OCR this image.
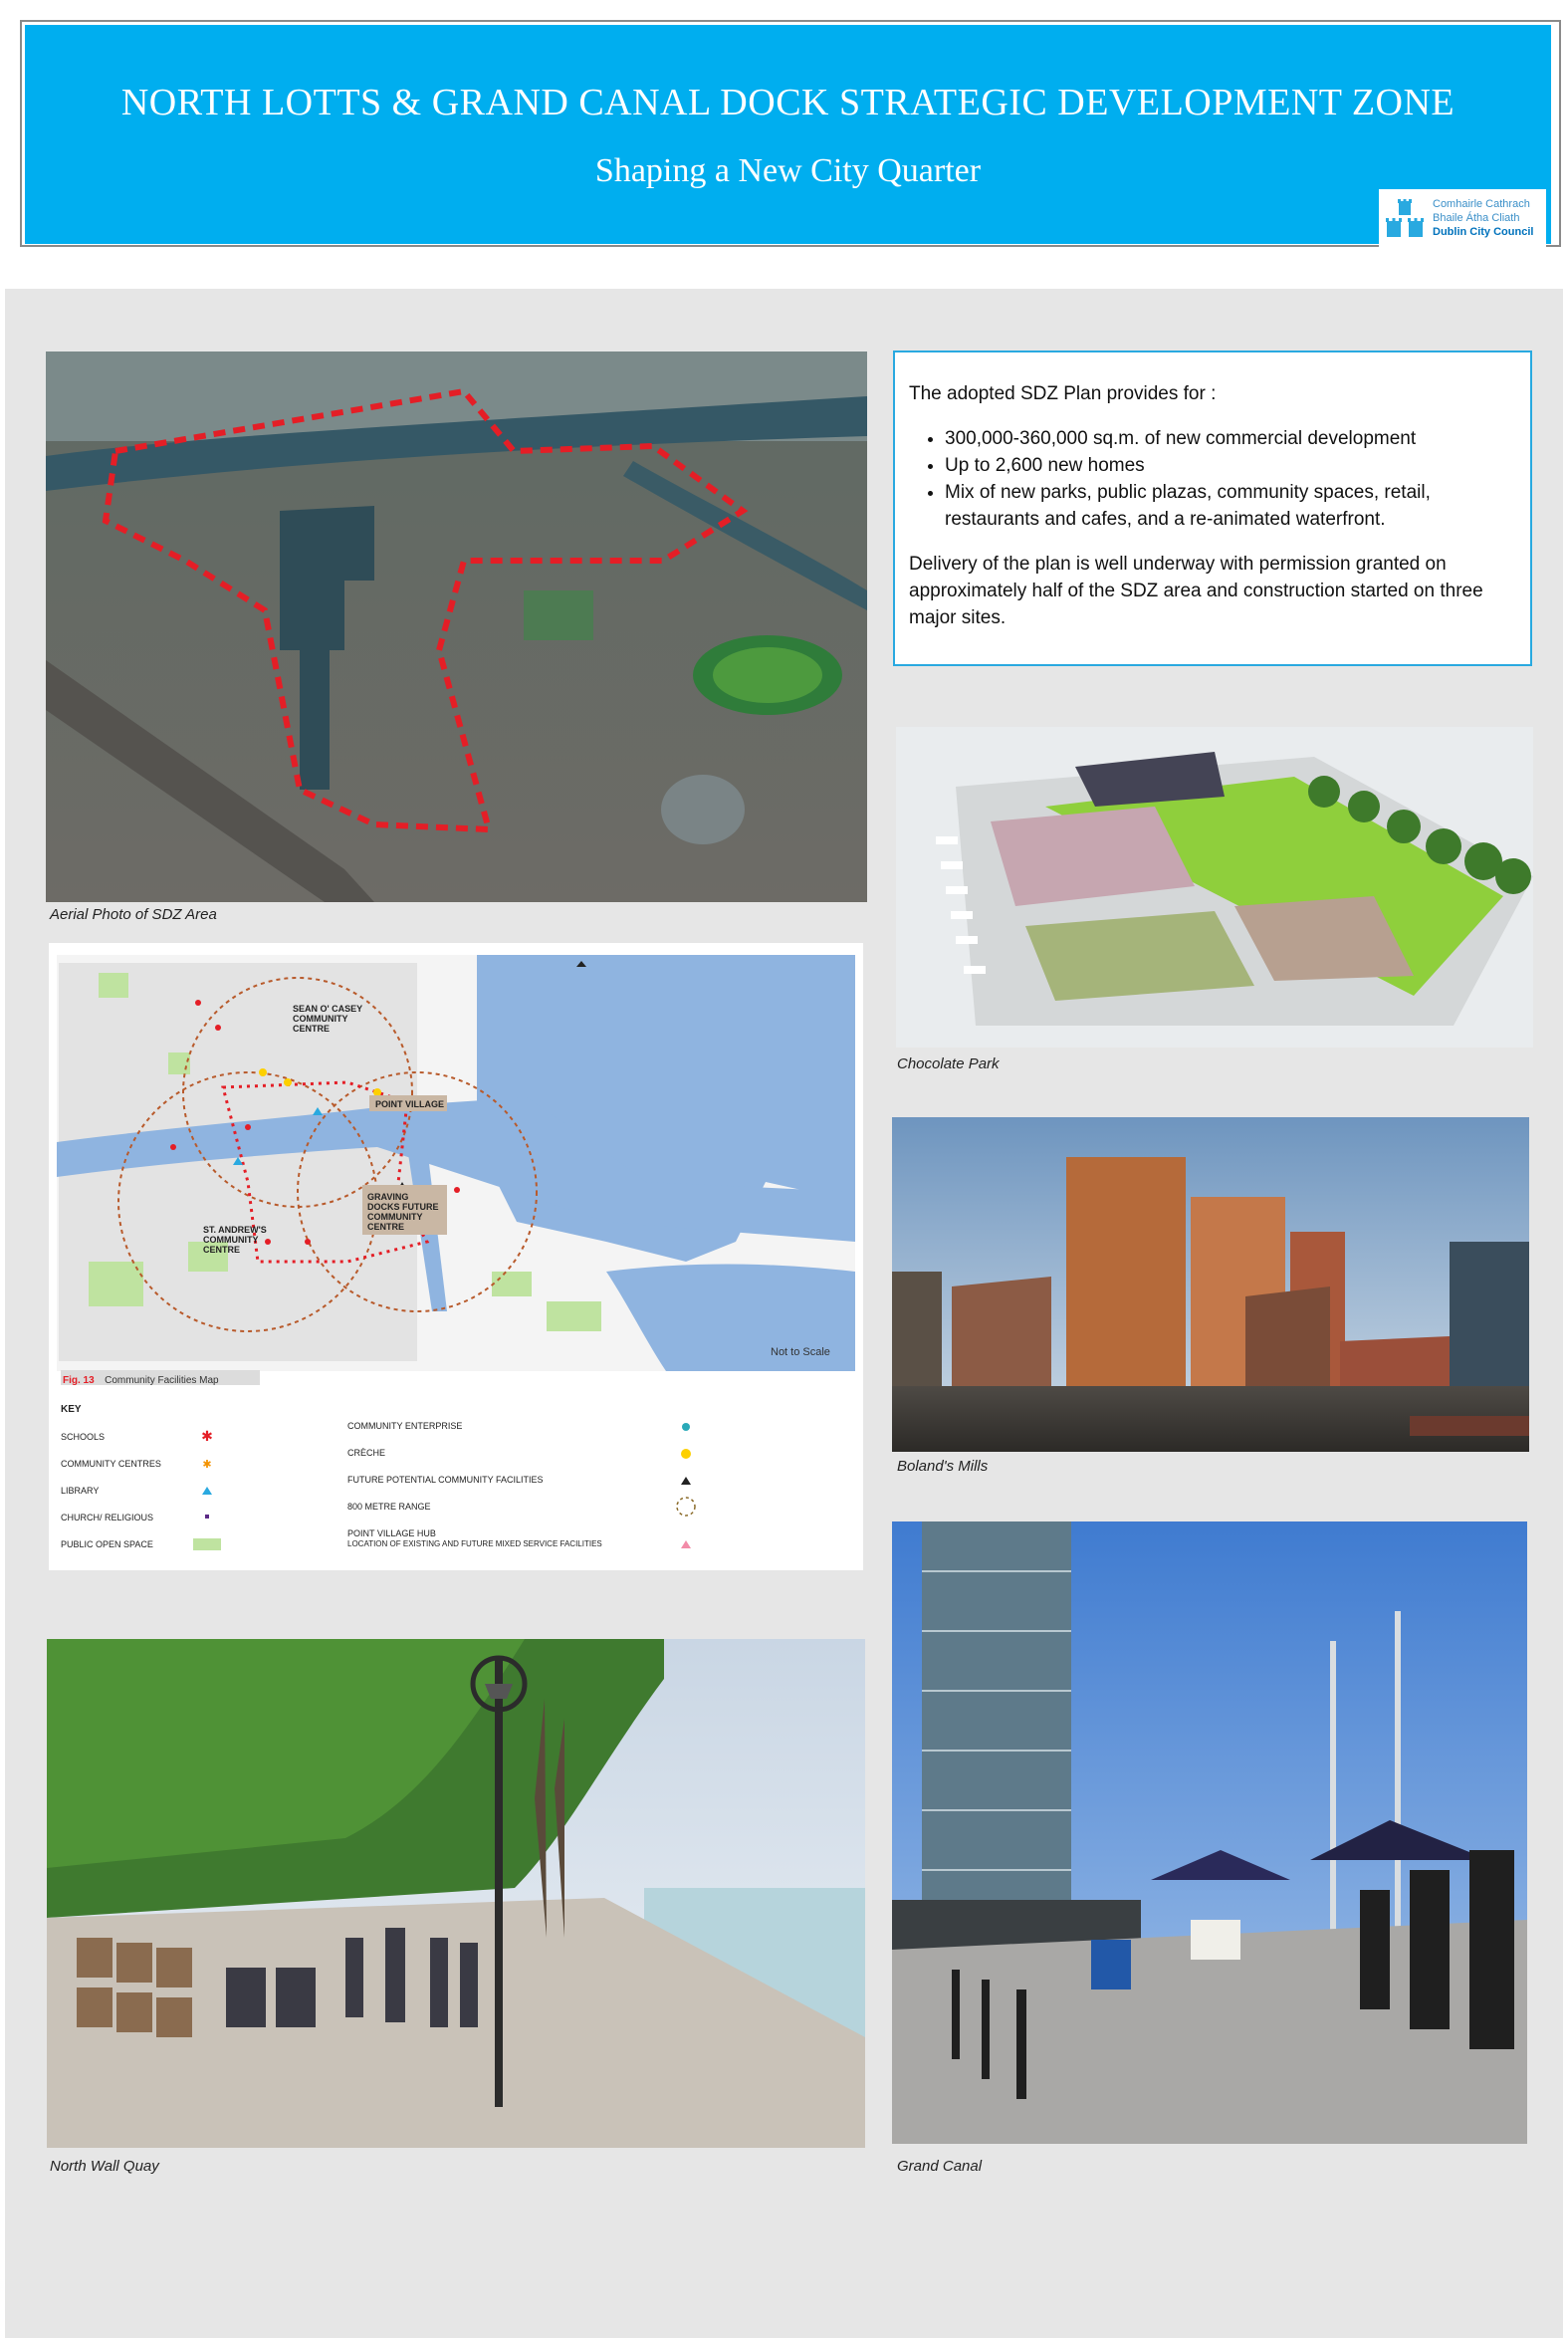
NORTH LOTTS & GRAND CANAL DOCK STRATEGIC DEVELOPMENT ZONE
Shaping a New City Quarter
Comhairle Cathrach
Bhaile Átha Cliath
Dublin City Council
Aerial Photo of SDZ Area
The adopted SDZ Plan provides for :
• 300,000-360,000 sq.m. of new commercial development
• Up to 2,600 new homes
• Mix of new parks, public plazas, community spaces, retail, restaurants and cafes, and a re-animated waterfront.
Delivery of the plan is well underway with permission granted on approximately half of the SDZ area and construction started on three major sites.
Chocolate Park
SEAN O' CASEY COMMUNITY CENTRE
POINT VILLAGE
GRAVING DOCKS FUTURE COMMUNITY CENTRE
ST. ANDREW'S COMMUNITY CENTRE
Not to Scale
Fig. 13 Community Facilities Map
KEY
SCHOOLS
COMMUNITY CENTRES
LIBRARY
CHURCH/ RELIGIOUS
PUBLIC OPEN SPACE
COMMUNITY ENTERPRISE
CRÈCHE
FUTURE POTENTIAL COMMUNITY FACILITIES
800 METRE RANGE
POINT VILLAGE HUB
LOCATION OF EXISTING AND FUTURE MIXED SERVICE FACILITIES
✱
✱	Boland's Mills
North Wall Quay	Grand Canal
